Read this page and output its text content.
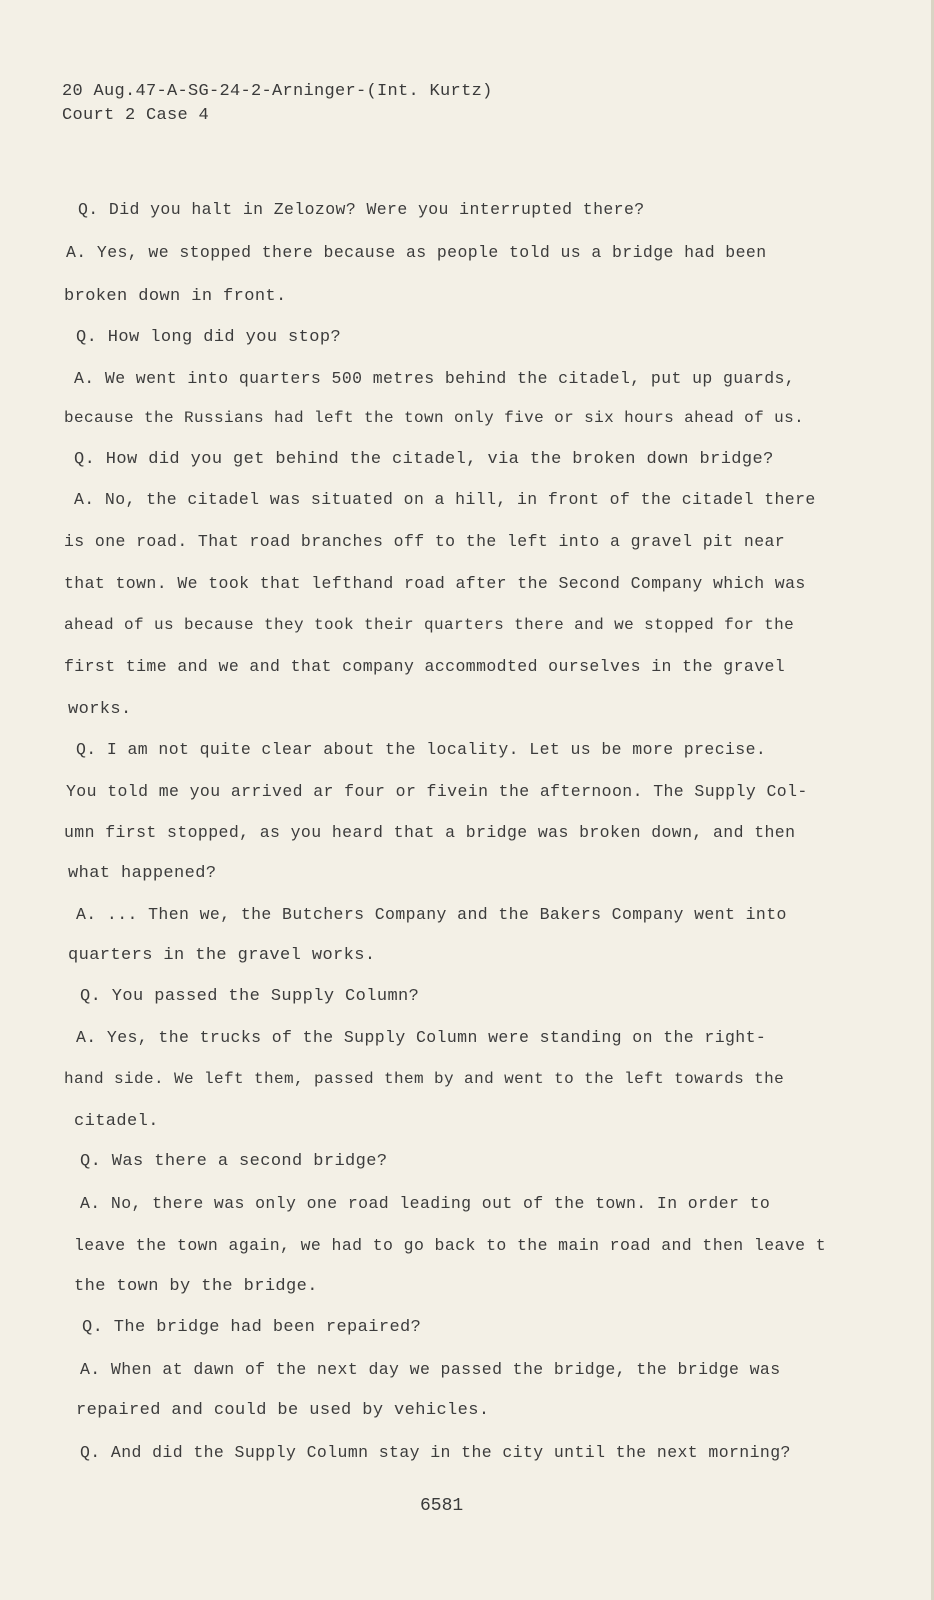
20 Aug.47-A-SG-24-2-Arninger-(Int. Kurtz)
Court 2 Case 4
Q. Did you halt in Zelozow? Were you interrupted there?
A. Yes, we stopped there because as people told us a bridge had been
broken down in front.
Q. How long did you stop?
A. We went into quarters 500 metres behind the citadel, put up guards,
because the Russians had left the town only five or six hours ahead of us.
Q. How did you get behind the citadel, via the broken down bridge?
A. No, the citadel was situated on a hill, in front of the citadel there
is one road. That road branches off to the left into a gravel pit near
that town. We took that lefthand road after the Second Company which was
ahead of us because they took their quarters there and we stopped for the
first time and we and that company accommodted ourselves in the gravel
works.
Q. I am not quite clear about the locality. Let us be more precise.
You told me you arrived ar four or fivein the afternoon. The Supply Col-
umn first stopped, as you heard that a bridge was broken down, and then
what happened?
A. ... Then we, the Butchers Company and the Bakers Company went into
quarters in the gravel works.
Q. You passed the Supply Column?
A. Yes, the trucks of the Supply Column were standing on the right-
hand side. We left them, passed them by and went to the left towards the
citadel.
Q. Was there a second bridge?
A. No, there was only one road leading out of the town. In order to
leave the town again, we had to go back to the main road and then leave t
the town by the bridge.
Q. The bridge had been repaired?
A. When at dawn of the next day we passed the bridge, the bridge was
repaired and could be used by vehicles.
Q. And did the Supply Column stay in the city until the next morning?
6581
